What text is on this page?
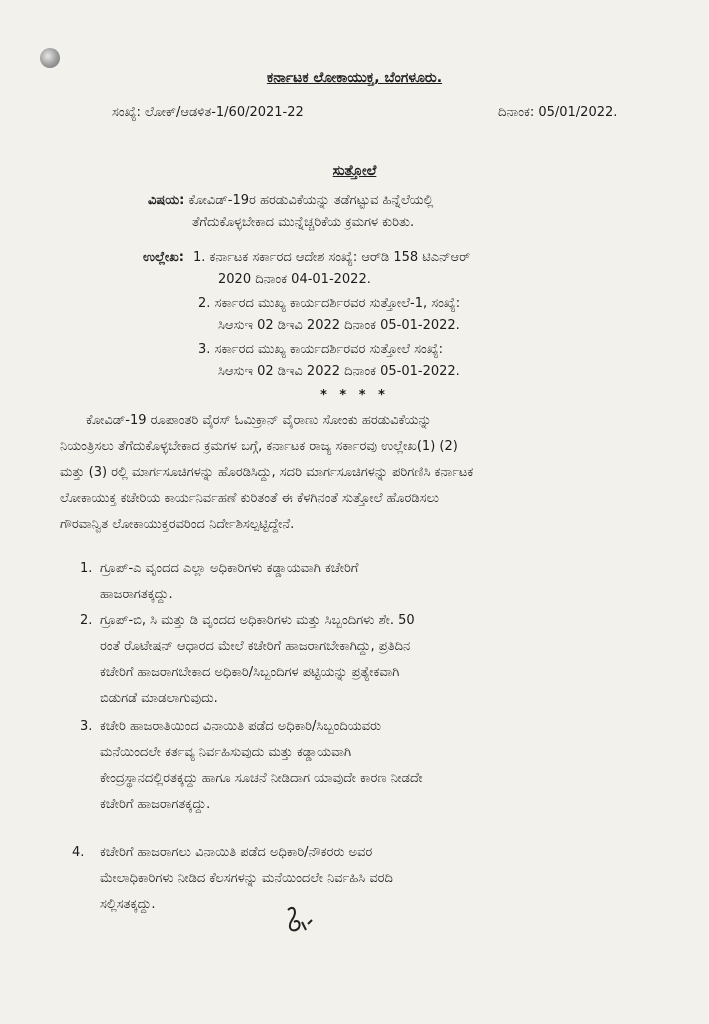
ಕರ್ನಾಟಕ ಲೋಕಾಯುಕ್ತ, ಬೆಂಗಳೂರು.
ಸಂಖ್ಯೆ: ಲೋಕ್/ಆಡಳಿತ-1/60/2021-22	ದಿನಾಂಕ: 05/01/2022.
ಸುತ್ತೋಲೆ
ವಿಷಯ: ಕೋವಿಡ್-19ರ ಹರಡುವಿಕೆಯನ್ನು ತಡೆಗಟ್ಟುವ ಹಿನ್ನೆಲೆಯಲ್ಲಿ
ತೆಗೆದುಕೊಳ್ಳಬೇಕಾದ ಮುನ್ನೆಚ್ಚರಿಕೆಯ ಕ್ರಮಗಳ ಕುರಿತು.
ಉಲ್ಲೇಖ: 1. ಕರ್ನಾಟಕ ಸರ್ಕಾರದ ಆದೇಶ ಸಂಖ್ಯೆ: ಆರ್‌ಡಿ 158 ಟಿಎನ್‌ಆರ್
2020 ದಿನಾಂಕ 04-01-2022.
2. ಸರ್ಕಾರದ ಮುಖ್ಯ ಕಾರ್ಯದರ್ಶಿರವರ ಸುತ್ತೋಲೆ-1, ಸಂಖ್ಯೆ:
ಸಿಆಸುಇ 02 ಡಿಇವಿ 2022 ದಿನಾಂಕ 05-01-2022.
3. ಸರ್ಕಾರದ ಮುಖ್ಯ ಕಾರ್ಯದರ್ಶಿರವರ ಸುತ್ತೋಲೆ ಸಂಖ್ಯೆ:
ಸಿಆಸುಇ 02 ಡಿಇವಿ 2022 ದಿನಾಂಕ 05-01-2022.
* * * *
ಕೋವಿಡ್-19 ರೂಪಾಂತರಿ ವೈರಸ್ ಓಮಿಕ್ರಾನ್ ವೈರಾಣು ಸೋಂಕು ಹರಡುವಿಕೆಯನ್ನು
ನಿಯಂತ್ರಿಸಲು ತೆಗೆದುಕೊಳ್ಳಬೇಕಾದ ಕ್ರಮಗಳ ಬಗ್ಗೆ, ಕರ್ನಾಟಕ ರಾಜ್ಯ ಸರ್ಕಾರವು ಉಲ್ಲೇಖ(1) (2)
ಮತ್ತು (3) ರಲ್ಲಿ ಮಾರ್ಗಸೂಚಿಗಳನ್ನು ಹೊರಡಿಸಿದ್ದು, ಸದರಿ ಮಾರ್ಗಸೂಚಿಗಳನ್ನು ಪರಿಗಣಿಸಿ ಕರ್ನಾಟಕ
ಲೋಕಾಯುಕ್ತ ಕಚೇರಿಯ ಕಾರ್ಯನಿರ್ವಹಣೆ ಕುರಿತಂತೆ ಈ ಕೆಳಗಿನಂತೆ ಸುತ್ತೋಲೆ ಹೊರಡಿಸಲು
ಗೌರವಾನ್ವಿತ ಲೋಕಾಯುಕ್ತರವರಿಂದ ನಿರ್ದೇಶಿಸಲ್ಪಟ್ಟಿದ್ದೇನೆ.
1. ಗ್ರೂಪ್-ಎ ವೃಂದದ ಎಲ್ಲಾ ಅಧಿಕಾರಿಗಳು ಕಡ್ಡಾಯವಾಗಿ ಕಚೇರಿಗೆ
ಹಾಜರಾಗತಕ್ಕದ್ದು.
2. ಗ್ರೂಪ್-ಬಿ, ಸಿ ಮತ್ತು ಡಿ ವೃಂದದ ಅಧಿಕಾರಿಗಳು ಮತ್ತು ಸಿಬ್ಬಂದಿಗಳು ಶೇ. 50
ರಂತೆ ರೊಟೇಷನ್ ಆಧಾರದ ಮೇಲೆ ಕಚೇರಿಗೆ ಹಾಜರಾಗಬೇಕಾಗಿದ್ದು, ಪ್ರತಿದಿನ
ಕಚೇರಿಗೆ ಹಾಜರಾಗಬೇಕಾದ ಅಧಿಕಾರಿ/ಸಿಬ್ಬಂದಿಗಳ ಪಟ್ಟಿಯನ್ನು ಪ್ರತ್ಯೇಕವಾಗಿ
ಬಿಡುಗಡೆ ಮಾಡಲಾಗುವುದು.
3. ಕಚೇರಿ ಹಾಜರಾತಿಯಿಂದ ವಿನಾಯಿತಿ ಪಡೆದ ಅಧಿಕಾರಿ/ಸಿಬ್ಬಂದಿಯವರು
ಮನೆಯಿಂದಲೇ ಕರ್ತವ್ಯ ನಿರ್ವಹಿಸುವುದು ಮತ್ತು ಕಡ್ಡಾಯವಾಗಿ
ಕೇಂದ್ರಸ್ಥಾನದಲ್ಲಿರತಕ್ಕದ್ದು ಹಾಗೂ ಸೂಚನೆ ನೀಡಿದಾಗ ಯಾವುದೇ ಕಾರಣ ನೀಡದೇ
ಕಚೇರಿಗೆ ಹಾಜರಾಗತಕ್ಕದ್ದು.
4. ಕಚೇರಿಗೆ ಹಾಜರಾಗಲು ವಿನಾಯಿತಿ ಪಡೆದ ಅಧಿಕಾರಿ/ನೌಕರರು ಅವರ
ಮೇಲಾಧಿಕಾರಿಗಳು ನೀಡಿದ ಕೆಲಸಗಳನ್ನು ಮನೆಯಿಂದಲೇ ನಿರ್ವಹಿಸಿ ವರದಿ
ಸಲ್ಲಿಸತಕ್ಕದ್ದು.
